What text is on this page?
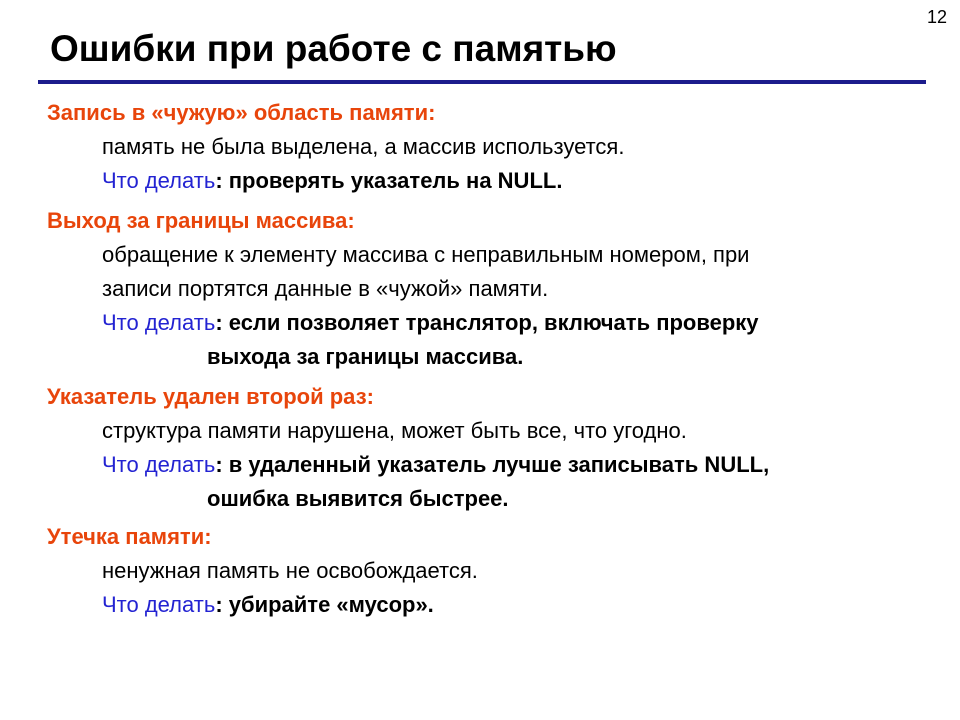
12
Ошибки при работе с памятью
Запись в «чужую» область памяти:
память не была выделена, а массив используется.
Что делать: проверять указатель на NULL.
Выход за границы массива:
обращение к элементу массива с неправильным номером, при
записи портятся данные в «чужой» памяти.
Что делать: если позволяет транслятор, включать проверку
выхода за границы массива.
Указатель удален второй раз:
структура памяти нарушена, может быть все, что угодно.
Что делать: в удаленный указатель лучше записывать NULL,
ошибка выявится быстрее.
Утечка памяти:
ненужная память не освобождается.
Что делать: убирайте «мусор».
